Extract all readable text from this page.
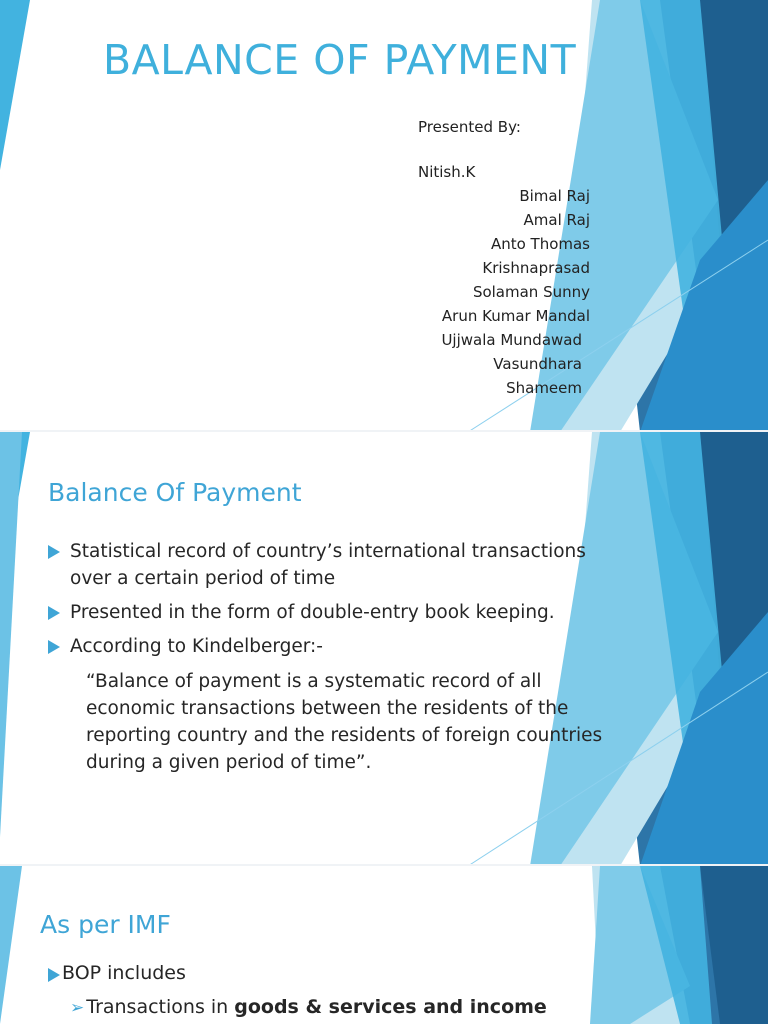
BALANCE OF PAYMENT

Presented By:

Nitish.K
Bimal Raj
Amal Raj
Anto Thomas
Krishnaprasad
Solaman Sunny
Arun Kumar Mandal
Ujjwala Mundawad
Vasundhara
Shameem
Balance Of Payment
Statistical record of country’s international transactions over a certain period of time
Presented in the form of double-entry book keeping.
According to Kindelberger:-

“Balance of payment is a systematic record of all economic transactions between the residents of the reporting country and the residents of foreign countries during a given period of time”.

As per IMF
BOP includes
➢ Transactions in goods & services and income
